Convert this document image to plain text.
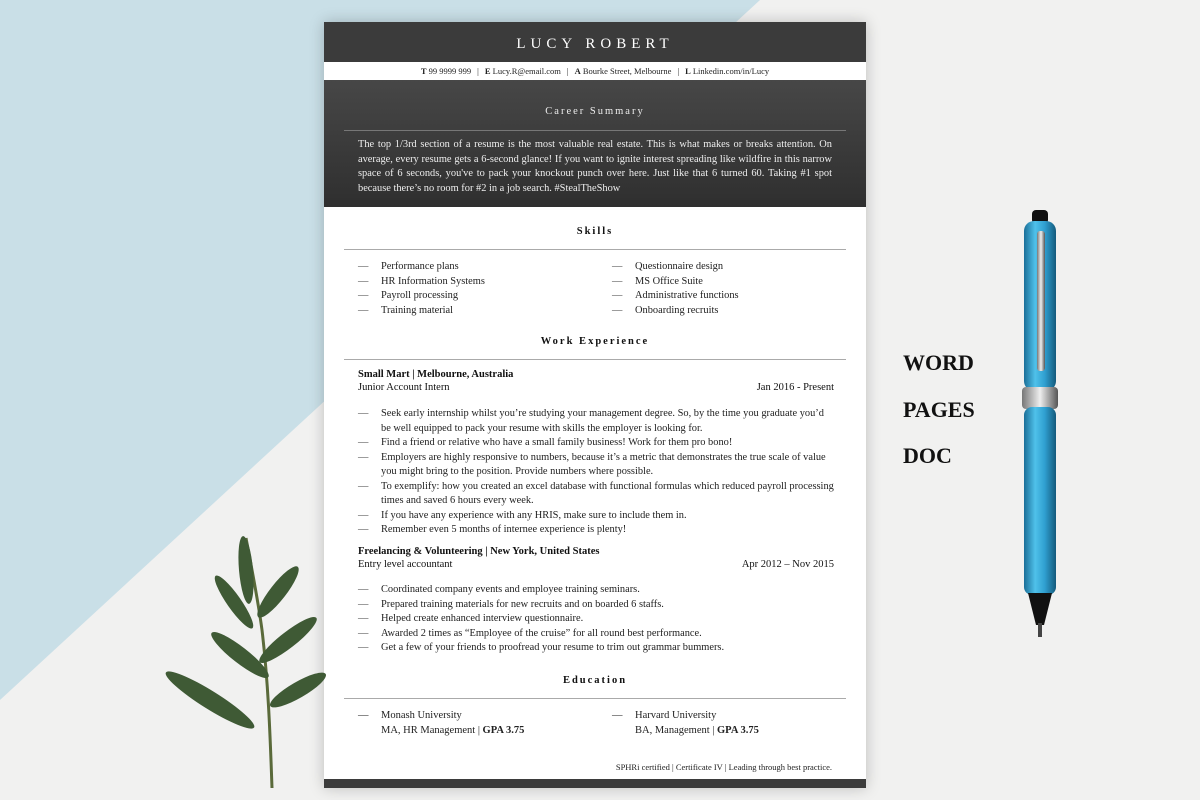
LUCY ROBERT
T 99 9999 999 | E Lucy.R@email.com | A Bourke Street, Melbourne | L Linkedin.com/in/Lucy
Career Summary

The top 1/3rd section of a resume is the most valuable real estate. This is what makes or breaks attention. On average, every resume gets a 6-second glance! If you want to ignite interest spreading like wildfire in this narrow space of 6 seconds, you've to pack your knockout punch over here. Just like that 6 turned 60. Taking #1 spot because there’s no room for #2 in a job search. #StealTheShow

Skills
— Performance plans
— HR Information Systems
— Payroll processing
— Training material
— Questionnaire design
— MS Office Suite
— Administrative functions
— Onboarding recruits
Work Experience
Small Mart | Melbourne, Australia
Junior Account Intern	Jan 2016 - Present
— Seek early internship whilst you’re studying your management degree. So, by the time you graduate you’d be well equipped to pack your resume with skills the employer is looking for.
— Find a friend or relative who have a small family business! Work for them pro bono!
— Employers are highly responsive to numbers, because it’s a metric that demonstrates the true scale of value you might bring to the position. Provide numbers where possible.
— To exemplify: how you created an excel database with functional formulas which reduced payroll processing times and saved 6 hours every week.
— If you have any experience with any HRIS, make sure to include them in.
— Remember even 5 months of internee experience is plenty!
Freelancing & Volunteering | New York, United States
Entry level accountant	Apr 2012 – Nov 2015
— Coordinated company events and employee training seminars.
— Prepared training materials for new recruits and on boarded 6 staffs.
— Helped create enhanced interview questionnaire.
— Awarded 2 times as “Employee of the cruise” for all round best performance.
— Get a few of your friends to proofread your resume to trim out grammar bummers.
Education
— Monash University
MA, HR Management | GPA 3.75
— Harvard University
BA, Management | GPA 3.75
SPHRi certified | Certificate IV | Leading through best practice.
WORD
PAGES
DOC
